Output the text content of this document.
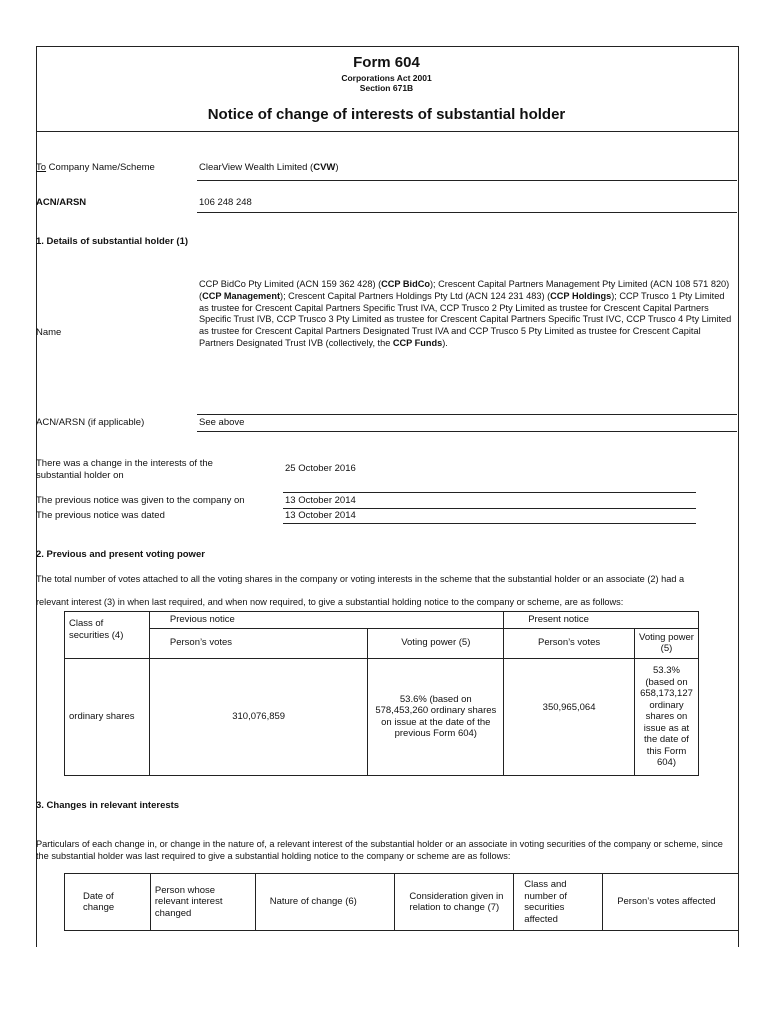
Form 604
Corporations Act 2001
Section 671B
Notice of change of interests of substantial holder
To Company Name/Scheme	ClearView Wealth Limited (CVW)
ACN/ARSN	106 248 248
1. Details of substantial holder (1)
Name
CCP BidCo Pty Limited (ACN 159 362 428) (CCP BidCo); Crescent Capital Partners Management Pty Limited (ACN 108 571 820) (CCP Management); Crescent Capital Partners Holdings Pty Ltd (ACN 124 231 483) (CCP Holdings); CCP Trusco 1 Pty Limited as trustee for Crescent Capital Partners Specific Trust IVA, CCP Trusco 2 Pty Limited as trustee for Crescent Capital Partners Specific Trust IVB, CCP Trusco 3 Pty Limited as trustee for Crescent Capital Partners Specific Trust IVC, CCP Trusco 4 Pty Limited as trustee for Crescent Capital Partners Designated Trust IVA and CCP Trusco 5 Pty Limited as trustee for Crescent Capital Partners Designated Trust IVB (collectively, the CCP Funds).
ACN/ARSN (if applicable)	See above
There was a change in the interests of the substantial holder on
25 October 2016
The previous notice was given to the company on	13 October 2014
The previous notice was dated	13 October 2014
2. Previous and present voting power
The total number of votes attached to all the voting shares in the company or voting interests in the scheme that the substantial holder or an associate (2) had a
relevant interest (3) in when last required, and when now required, to give a substantial holding notice to the company or scheme, are as follows:
Class of securities (4)	Previous notice		Present notice	
	Person’s votes	Voting power (5)	Person’s votes	Voting power (5)
ordinary shares	310,076,859	53.6% (based on 578,453,260 ordinary shares on issue at the date of the previous Form 604)	350,965,064	53.3% (based on 658,173,127 ordinary shares on issue as at the date of this Form 604)
3. Changes in relevant interests
Particulars of each change in, or change in the nature of, a relevant interest of the substantial holder or an associate in voting securities of the company or scheme, since the substantial holder was last required to give a substantial holding notice to the company or scheme are as follows:
Date of change	Person whose relevant interest changed	Nature of change (6)	Consideration given in relation to change (7)	Class and number of securities affected	Person’s votes affected
